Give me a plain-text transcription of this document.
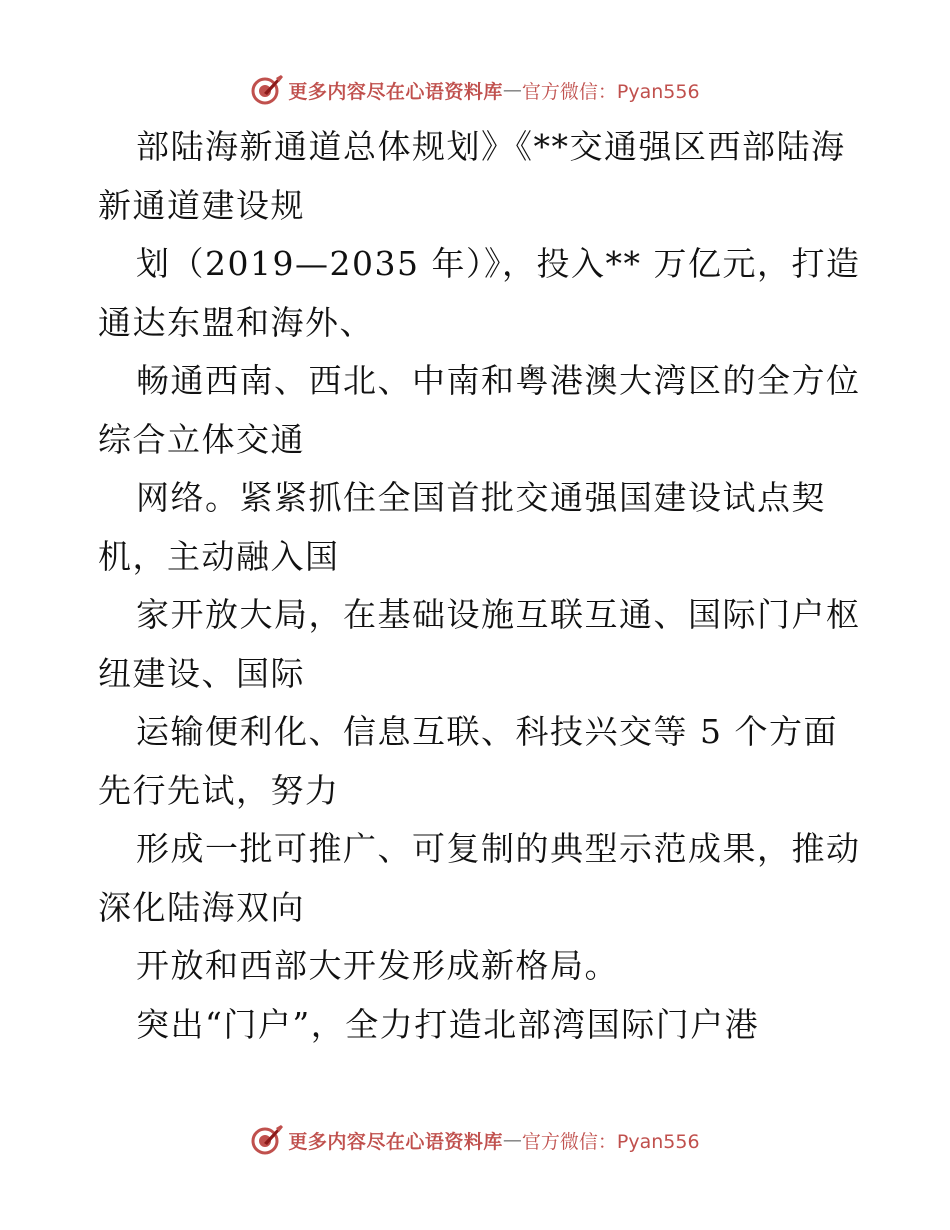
更多内容尽在心语资料库 — 官方微信：Pyan556
部陆海新通道总体规划》《**交通强区西部陆海
新通道建设规
划（2019—2035 年）》，投入** 万亿元，打造
通达东盟和海外、
畅通西南、西北、中南和粤港澳大湾区的全方位
综合立体交通
网络。紧紧抓住全国首批交通强国建设试点契
机，主动融入国
家开放大局，在基础设施互联互通、国际门户枢
纽建设、国际
运输便利化、信息互联、科技兴交等 5 个方面
先行先试，努力
形成一批可推广、可复制的典型示范成果，推动
深化陆海双向
开放和西部大开发形成新格局。
突出“门户”，全力打造北部湾国际门户港
更多内容尽在心语资料库 — 官方微信：Pyan556
